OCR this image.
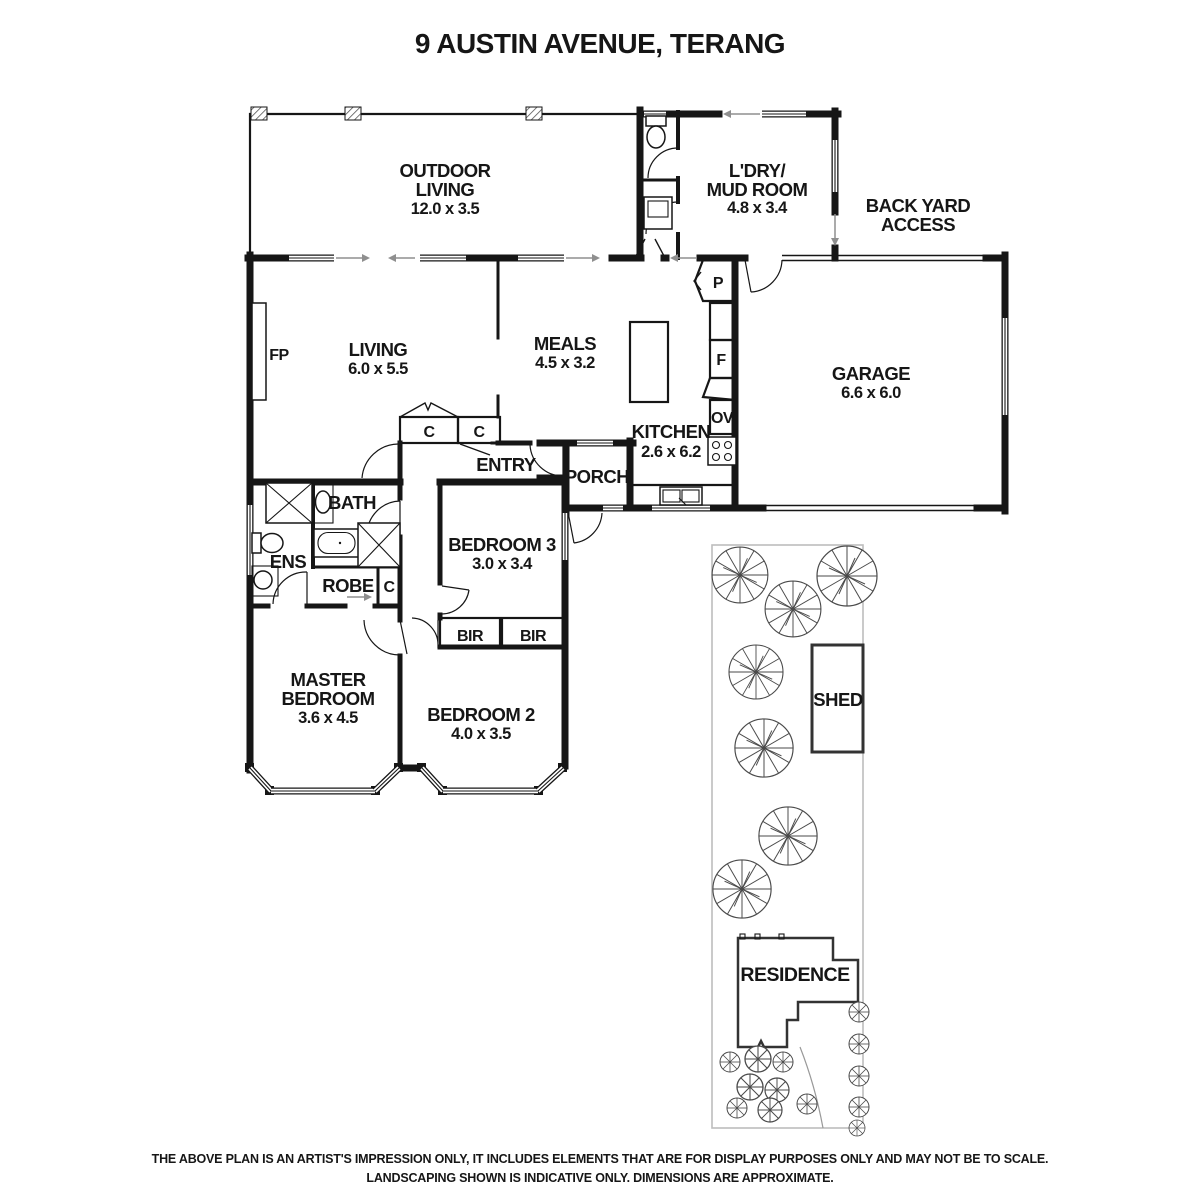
9 AUSTIN AVENUE, TERANG
OUTDOOR
LIVING
12.0 x 3.5
L'DRY/
MUD ROOM
4.8 x 3.4	BACK YARD
ACCESS
LIVING
6.0 x 5.5
MEALS
4.5 x 3.2
FP
KITCHEN
2.6 x 6.2
GARAGE
6.6 x 6.0
P
F
OV
ENTRY
PORCH
BEDROOM 3
3.0 x 3.4
BIR BIR
BATH
ENS
ROBE C
C C
MASTER
BEDROOM
3.6 x 4.5	BEDROOM 2
4.0 x 3.5
SHED
RESIDENCE
THE ABOVE PLAN IS AN ARTIST'S IMPRESSION ONLY, IT INCLUDES ELEMENTS THAT ARE FOR DISPLAY PURPOSES ONLY AND MAY NOT BE TO SCALE.
LANDSCAPING SHOWN IS INDICATIVE ONLY. DIMENSIONS ARE APPROXIMATE.
